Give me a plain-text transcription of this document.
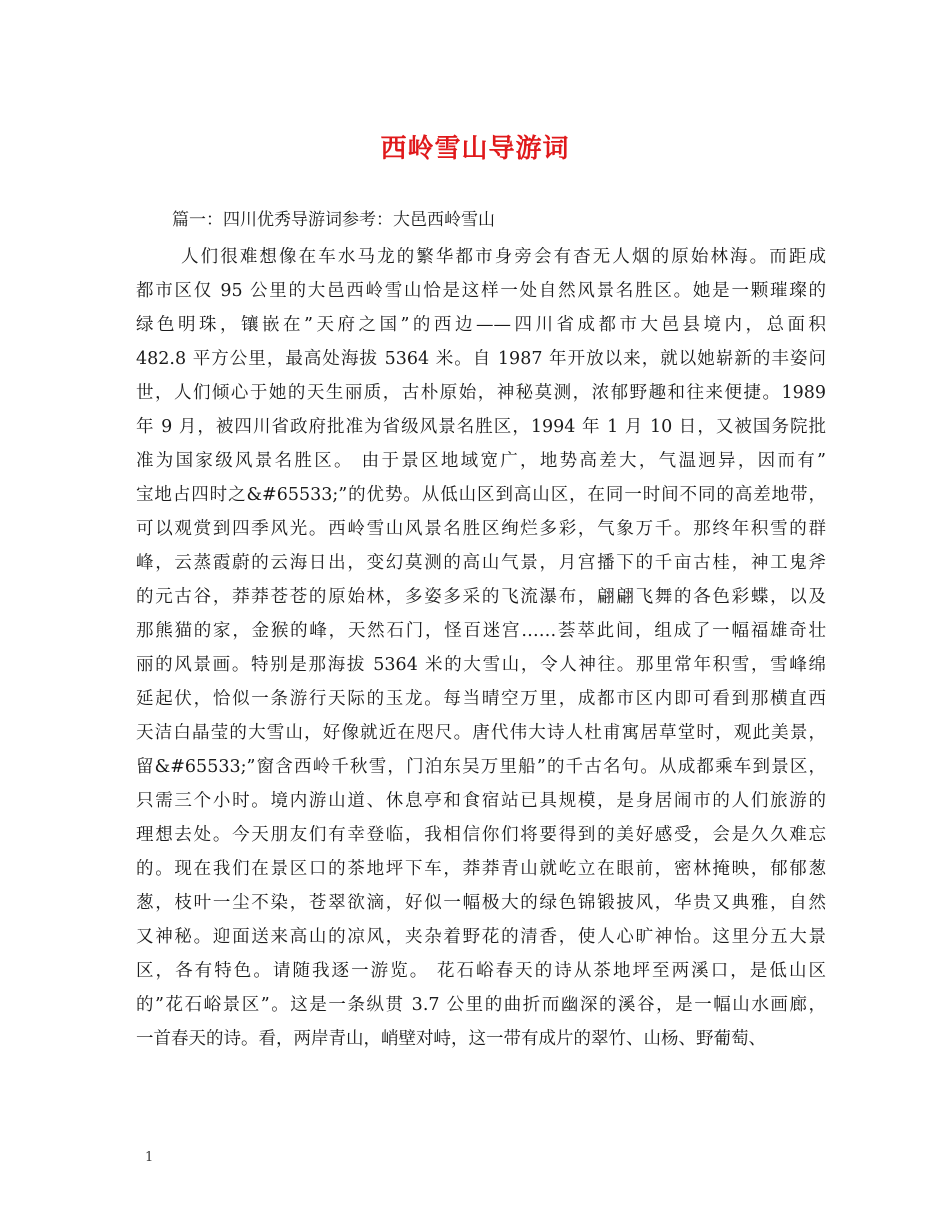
西岭雪山导游词
篇一：四川优秀导游词参考：大邑西岭雪山
人们很难想像在车水马龙的繁华都市身旁会有杳无人烟的原始林海。而距成
都市区仅 95 公里的大邑西岭雪山恰是这样一处自然风景名胜区。她是一颗璀璨的
绿色明珠，镶嵌在”天府之国”的西边——四川省成都市大邑县境内，总面积
482.8 平方公里，最高处海拔 5364 米。自 1987 年开放以来，就以她崭新的丰姿问
世，人们倾心于她的天生丽质，古朴原始，神秘莫测，浓郁野趣和往来便捷。1989
年 9 月，被四川省政府批准为省级风景名胜区，1994 年 1 月 10 日，又被国务院批
准为国家级风景名胜区。 由于景区地域宽广，地势高差大，气温迥异，因而有”
宝地占四时之&#65533;”的优势。从低山区到高山区，在同一时间不同的高差地带，
可以观赏到四季风光。西岭雪山风景名胜区绚烂多彩，气象万千。那终年积雪的群
峰，云蒸霞蔚的云海日出，变幻莫测的高山气景，月宫播下的千亩古桂，神工鬼斧
的元古谷，莽莽苍苍的原始林，多姿多采的飞流瀑布，翩翩飞舞的各色彩蝶，以及
那熊猫的家，金猴的峰，天然石门，怪百迷宫……荟萃此间，组成了一幅福雄奇壮
丽的风景画。特别是那海拔 5364 米的大雪山，令人神往。那里常年积雪，雪峰绵
延起伏，恰似一条游行天际的玉龙。每当晴空万里，成都市区内即可看到那横直西
天洁白晶莹的大雪山，好像就近在咫尺。唐代伟大诗人杜甫寓居草堂时，观此美景，
留&#65533;”窗含西岭千秋雪，门泊东吴万里船”的千古名句。从成都乘车到景区，
只需三个小时。境内游山道、休息亭和食宿站已具规模，是身居闹市的人们旅游的
理想去处。今天朋友们有幸登临，我相信你们将要得到的美好感受，会是久久难忘
的。现在我们在景区口的茶地坪下车，莽莽青山就屹立在眼前，密林掩映，郁郁葱
葱，枝叶一尘不染，苍翠欲滴，好似一幅极大的绿色锦锻披风，华贵又典雅，自然
又神秘。迎面送来高山的凉风，夹杂着野花的清香，使人心旷神怡。这里分五大景
区，各有特色。请随我逐一游览。 花石峪春天的诗从茶地坪至两溪口，是低山区
的”花石峪景区”。这是一条纵贯 3.7 公里的曲折而幽深的溪谷，是一幅山水画廊，
一首春天的诗。看，两岸青山，峭壁对峙，这一带有成片的翠竹、山杨、野葡萄、
1
